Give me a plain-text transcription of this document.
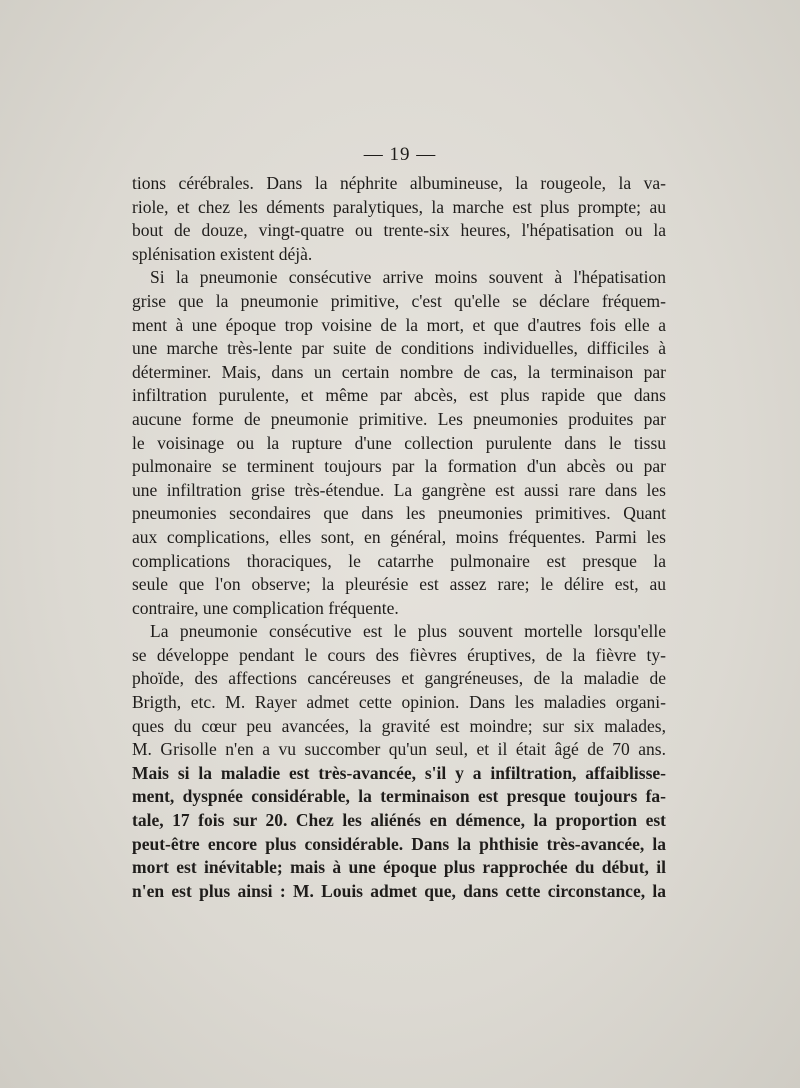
— 19 —
tions cérébrales. Dans la néphrite albumineuse, la rougeole, la va-
riole, et chez les déments paralytiques, la marche est plus prompte; au
bout de douze, vingt-quatre ou trente-six heures, l'hépatisation ou la
splénisation existent déjà.
Si la pneumonie consécutive arrive moins souvent à l'hépatisation
grise que la pneumonie primitive, c'est qu'elle se déclare fréquem-
ment à une époque trop voisine de la mort, et que d'autres fois elle a
une marche très-lente par suite de conditions individuelles, difficiles à
déterminer. Mais, dans un certain nombre de cas, la terminaison par
infiltration purulente, et même par abcès, est plus rapide que dans
aucune forme de pneumonie primitive. Les pneumonies produites par
le voisinage ou la rupture d'une collection purulente dans le tissu
pulmonaire se terminent toujours par la formation d'un abcès ou par
une infiltration grise très-étendue. La gangrène est aussi rare dans les
pneumonies secondaires que dans les pneumonies primitives. Quant
aux complications, elles sont, en général, moins fréquentes. Parmi les
complications thoraciques, le catarrhe pulmonaire est presque la
seule que l'on observe; la pleurésie est assez rare; le délire est, au
contraire, une complication fréquente.
La pneumonie consécutive est le plus souvent mortelle lorsqu'elle
se développe pendant le cours des fièvres éruptives, de la fièvre ty-
phoïde, des affections cancéreuses et gangréneuses, de la maladie de
Brigth, etc. M. Rayer admet cette opinion. Dans les maladies organi-
ques du cœur peu avancées, la gravité est moindre; sur six malades,
M. Grisolle n'en a vu succomber qu'un seul, et il était âgé de 70 ans.
Mais si la maladie est très-avancée, s'il y a infiltration, affaiblisse-
ment, dyspnée considérable, la terminaison est presque toujours fa-
tale, 17 fois sur 20. Chez les aliénés en démence, la proportion est
peut-être encore plus considérable. Dans la phthisie très-avancée, la
mort est inévitable; mais à une époque plus rapprochée du début, il
n'en est plus ainsi : M. Louis admet que, dans cette circonstance, la
